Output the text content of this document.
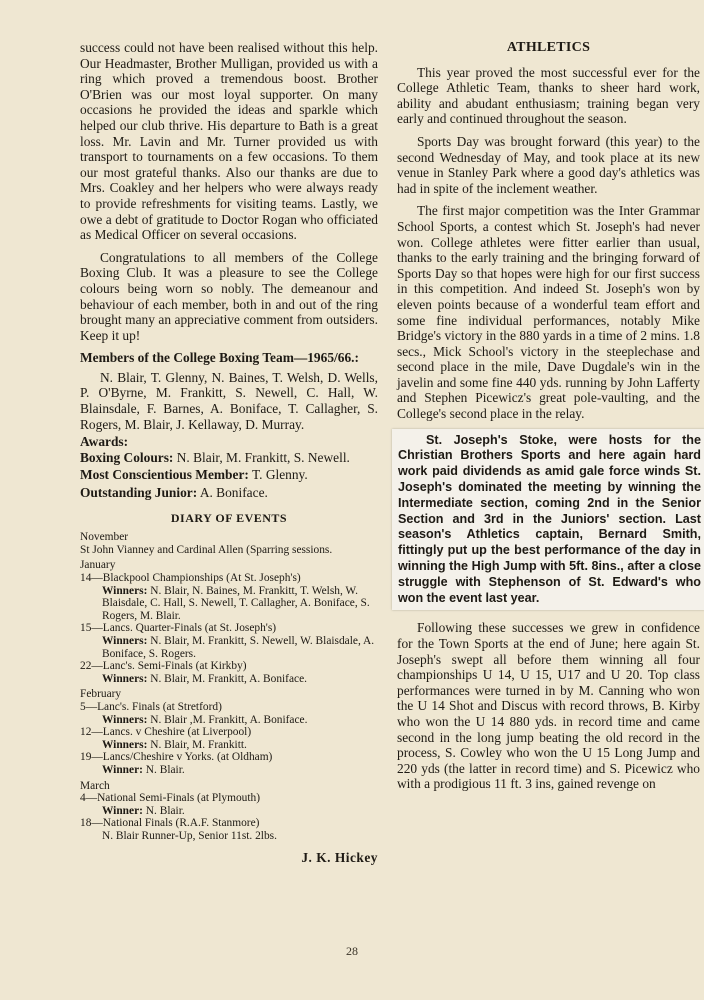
success could not have been realised without this help. Our Headmaster, Brother Mulligan, provided us with a ring which proved a tremendous boost. Brother O'Brien was our most loyal supporter. On many occasions he provided the ideas and sparkle which helped our club thrive. His departure to Bath is a great loss. Mr. Lavin and Mr. Turner provided us with transport to tournaments on a few occasions. To them our most grateful thanks. Also our thanks are due to Mrs. Coakley and her helpers who were always ready to provide refreshments for visiting teams. Lastly, we owe a debt of gratitude to Doctor Rogan who officiated as Medical Officer on several occasions.

Congratulations to all members of the College Boxing Club. It was a pleasure to see the College colours being worn so nobly. The demeanour and behaviour of each member, both in and out of the ring brought many an appreciative comment from outsiders. Keep it up!

Members of the College Boxing Team—1965/66.:
N. Blair, T. Glenny, N. Baines, T. Welsh, D. Wells, P. O'Byrne, M. Frankitt, S. Newell, C. Hall, W. Blainsdale, F. Barnes, A. Boniface, T. Callagher, S. Rogers, M. Blair, J. Kellaway, D. Murray.
Awards:
Boxing Colours: N. Blair, M. Frankitt, S. Newell.
Most Conscientious Member: T. Glenny.
Outstanding Junior: A. Boniface.
DIARY OF EVENTS
November
St John Vianney and Cardinal Allen (Sparring sessions.
January
14—Blackpool Championships (At St. Joseph's)
Winners: N. Blair, N. Baines, M. Frankitt, T. Welsh, W. Blaisdale, C. Hall, S. Newell, T. Callagher, A. Boniface, S. Rogers, M. Blair.
15—Lancs. Quarter-Finals (at St. Joseph's)
Winners: N. Blair, M. Frankitt, S. Newell, W. Blaisdale, A. Boniface, S. Rogers.
22—Lanc's. Semi-Finals (at Kirkby)
Winners: N. Blair, M. Frankitt, A. Boniface.
February
5—Lanc's. Finals (at Stretford)
Winners: N. Blair ,M. Frankitt, A. Boniface.
12—Lancs. v Cheshire (at Liverpool)
Winners: N. Blair, M. Frankitt.
19—Lancs/Cheshire v Yorks. (at Oldham)
Winner: N. Blair.
March
4—National Semi-Finals (at Plymouth)
Winner: N. Blair.
18—National Finals (R.A.F. Stanmore)
N. Blair Runner-Up, Senior 11st. 2lbs.
J. K. Hickey
ATHLETICS

This year proved the most successful ever for the College Athletic Team, thanks to sheer hard work, ability and abudant enthusiasm; training began very early and continued throughout the season.

Sports Day was brought forward (this year) to the second Wednesday of May, and took place at its new venue in Stanley Park where a good day's athletics was had in spite of the inclement weather.

The first major competition was the Inter Grammar School Sports, a contest which St. Joseph's had never won. College athletes were fitter earlier than usual, thanks to the early training and the bringing forward of Sports Day so that hopes were high for our first success in this competition. And indeed St. Joseph's won by eleven points because of a wonderful team effort and some fine individual performances, notably Mike Bridge's victory in the 880 yards in a time of 2 mins. 1.8 secs., Mick School's victory in the steeplechase and second place in the mile, Dave Dugdale's win in the javelin and some fine 440 yds. running by John Lafferty and Stephen Picewicz's great pole-vaulting, and the College's second place in the relay.

St. Joseph's Stoke, were hosts for the Christian Brothers Sports and here again hard work paid dividends as amid gale force winds St. Joseph's dominated the meeting by winning the Intermediate section, coming 2nd in the Senior Section and 3rd in the Juniors' section. Last season's Athletics captain, Bernard Smith, fittingly put up the best performance of the day in winning the High Jump with 5ft. 8ins., after a close struggle with Stephenson of St. Edward's who won the event last year.

Following these successes we grew in confidence for the Town Sports at the end of June; here again St. Joseph's swept all before them winning all four championships U 14, U 15, U17 and U 20. Top class performances were turned in by M. Canning who won the U 14 Shot and Discus with record throws, B. Kirby who won the U 14 880 yds. in record time and came second in the long jump beating the old record in the process, S. Cowley who won the U 15 Long Jump and 220 yds (the latter in record time) and S. Picewicz who with a prodigious 11 ft. 3 ins, gained revenge on

28
